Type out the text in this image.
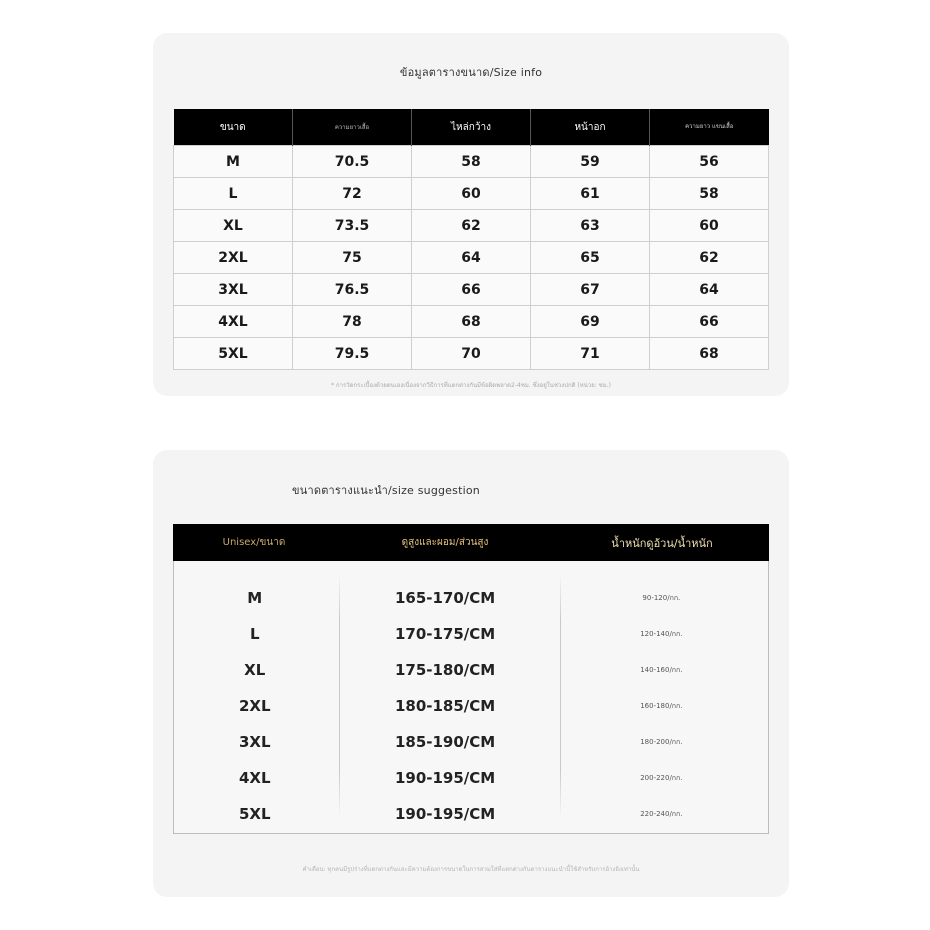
ข้อมูลตารางขนาด/Size info
ขนาด	ความยาวเสื้อ	ไหล่กว้าง	หน้าอก	ความยาว แขนเสื้อ
M	70.5	58	59	56
L	72	60	61	58
XL	73.5	62	63	60
2XL	75	64	65	62
3XL	76.5	66	67	64
4XL	78	68	69	66
5XL	79.5	70	71	68
* การวัดกระเบื้องด้วยตนเองเนื่องจากวิธีการที่แตกต่างกันมีข้อผิดพลาด2-4ซม. ซึ่งอยู่ในช่วงปกติ (หน่วย: ซม.)
ขนาดตารางแนะนำ/size suggestion
Unisex/ขนาด	ดูสูงและผอม/ส่วนสูง	น้ำหนักดูอ้วน/น้ำหนัก
M	165-170/CM	90-120/กก.
L	170-175/CM	120-140/กก.
XL	175-180/CM	140-160/กก.
2XL	180-185/CM	160-180/กก.
3XL	185-190/CM	180-200/กก.
4XL	190-195/CM	200-220/กก.
5XL	190-195/CM	220-240/กก.
คำเตือน: ทุกคนมีรูปร่างที่แตกต่างกันและมีความต้องการขนาดในการสวมใส่ที่แตกต่างกันตารางแนะนำนี้ใช้สำหรับการอ้างอิงเท่านั้น
